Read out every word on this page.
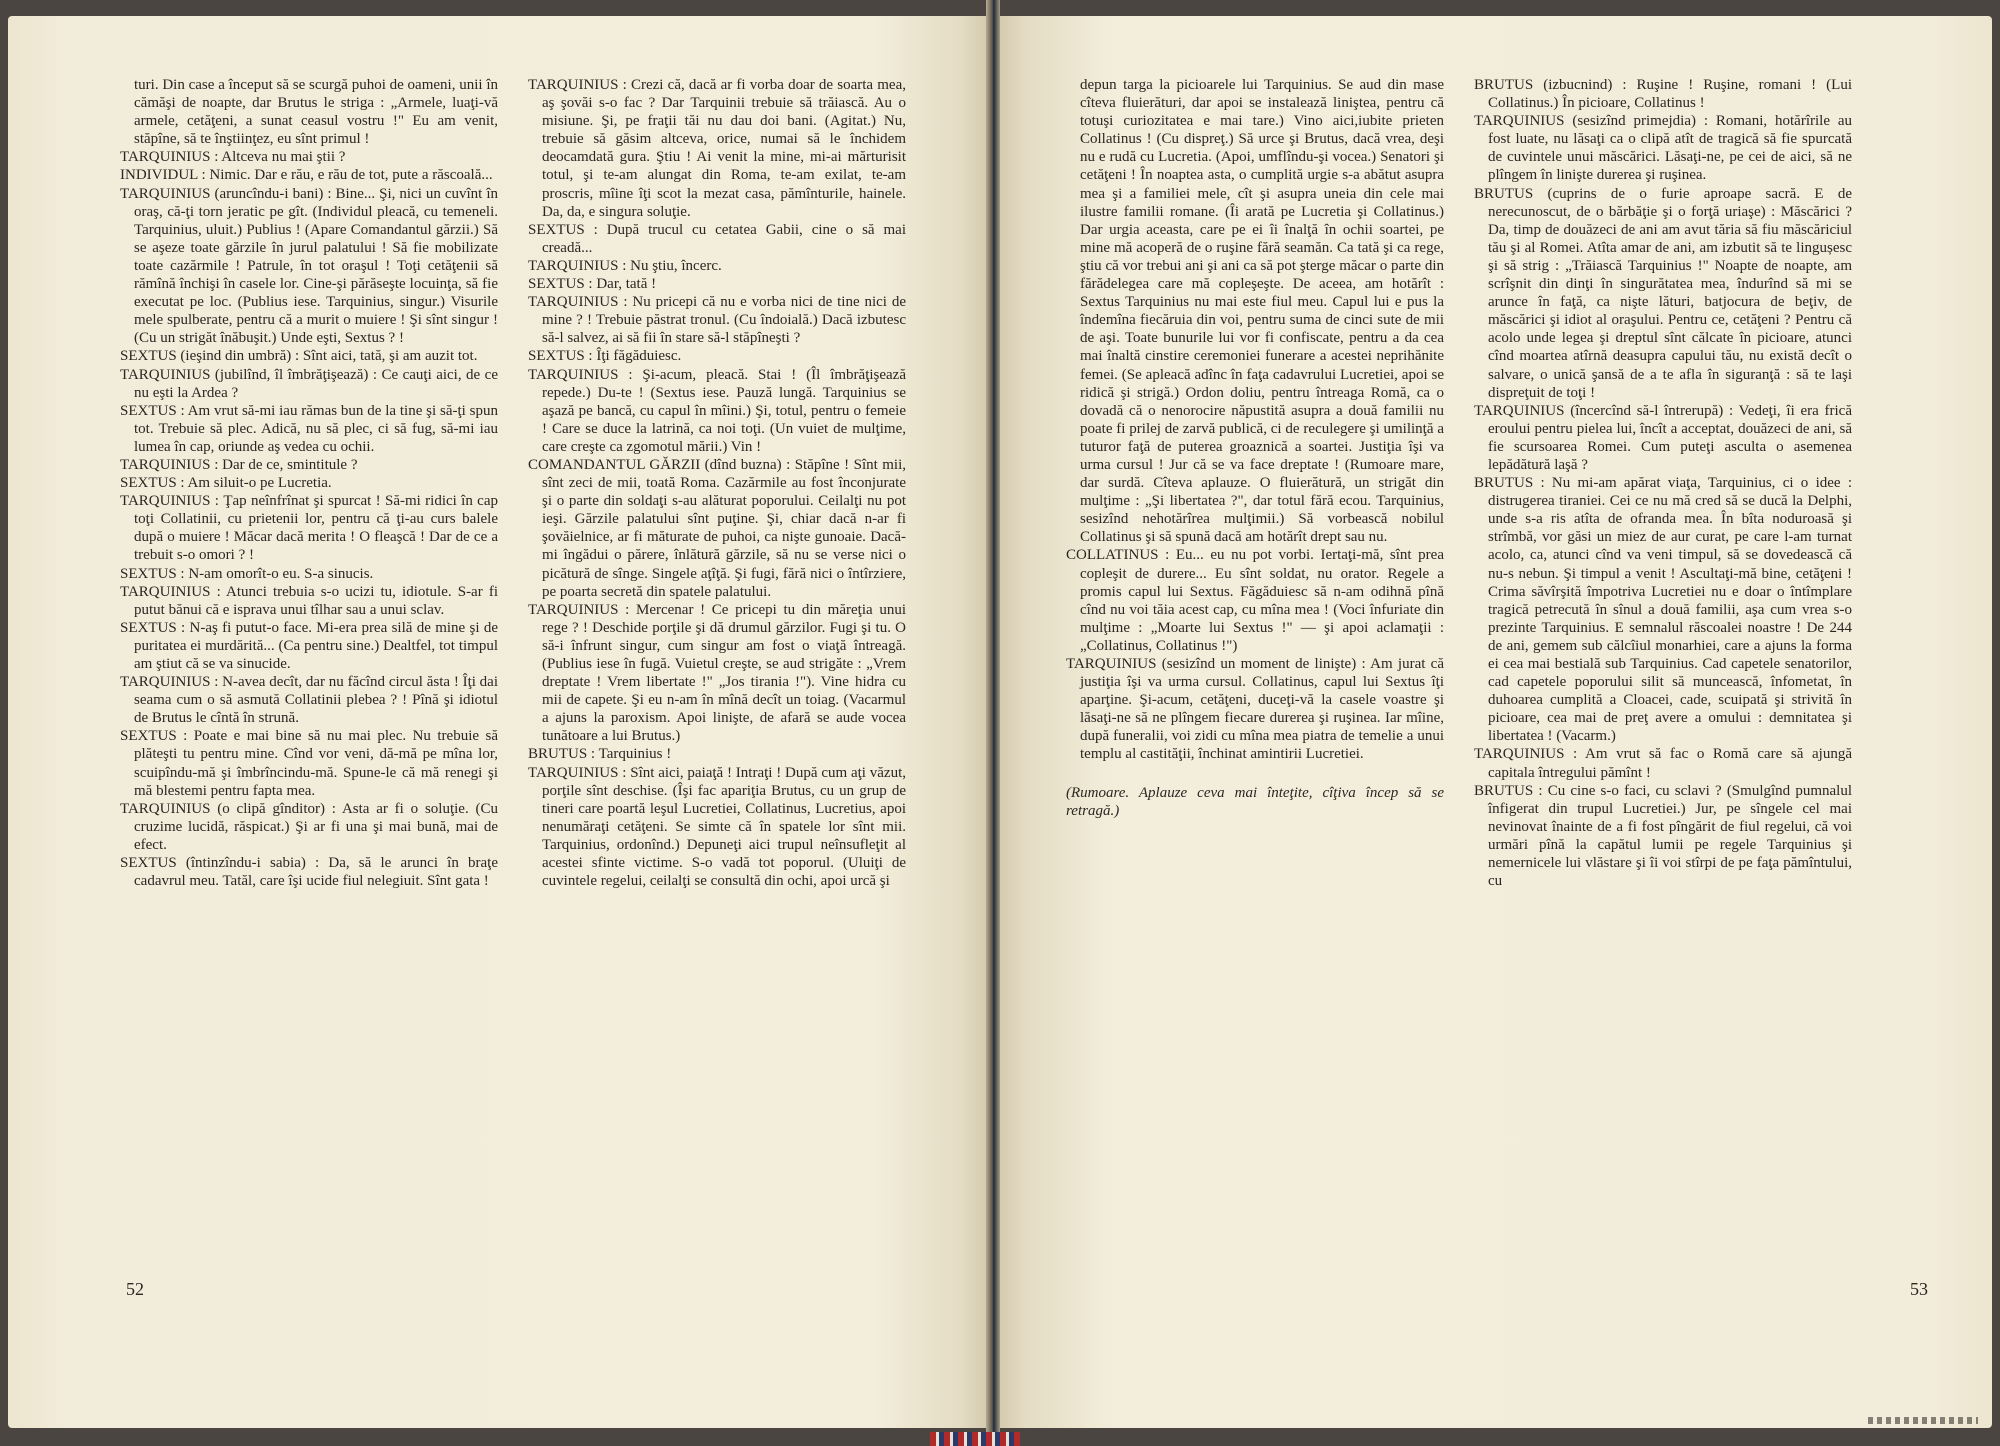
turi. Din case a început să se scurgă puhoi de oameni, unii în cămăşi de noapte, dar Brutus le striga : „Armele, luaţi-vă armele, cetăţeni, a sunat ceasul vostru !" Eu am venit, stăpîne, să te înştiinţez, eu sînt primul !

TARQUINIUS : Altceva nu mai ştii ?

INDIVIDUL : Nimic. Dar e rău, e rău de tot, pute a răscoală...

TARQUINIUS (aruncîndu-i bani) : Bine... Şi, nici un cuvînt în oraş, că-ţi torn jeratic pe gît. (Individul pleacă, cu temeneli. Tarquinius, uluit.) Publius ! (Apare Comandantul gărzii.) Să se aşeze toate gărzile în jurul palatului ! Să fie mobilizate toate cazărmile ! Patrule, în tot oraşul ! Toţi cetăţenii să rămînă închişi în casele lor. Cine-şi părăseşte locuinţa, să fie executat pe loc. (Publius iese. Tarquinius, singur.) Visurile mele spulberate, pentru că a murit o muiere ! Şi sînt singur ! (Cu un strigăt înăbuşit.) Unde eşti, Sextus ? !

SEXTUS (ieşind din umbră) : Sînt aici, tată, şi am auzit tot.

TARQUINIUS (jubilînd, îl îmbrăţişează) : Ce cauţi aici, de ce nu eşti la Ardea ?

SEXTUS : Am vrut să-mi iau rămas bun de la tine şi să-ţi spun tot. Trebuie să plec. Adică, nu să plec, ci să fug, să-mi iau lumea în cap, oriunde aş vedea cu ochii.

TARQUINIUS : Dar de ce, smintitule ?

SEXTUS : Am siluit-o pe Lucretia.

TARQUINIUS : Ţap neînfrînat şi spurcat ! Să-mi ridici în cap toţi Collatinii, cu prietenii lor, pentru că ţi-au curs balele după o muiere ! Măcar dacă merita ! O fleaşcă ! Dar de ce a trebuit s-o omori ? !

SEXTUS : N-am omorît-o eu. S-a sinucis.

TARQUINIUS : Atunci trebuia s-o ucizi tu, idiotule. S-ar fi putut bănui că e isprava unui tîlhar sau a unui sclav.

SEXTUS : N-aş fi putut-o face. Mi-era prea silă de mine şi de puritatea ei murdărită... (Ca pentru sine.) Dealtfel, tot timpul am ştiut că se va sinucide.

TARQUINIUS : N-avea decît, dar nu făcînd circul ăsta ! Îţi dai seama cum o să asmută Collatinii plebea ? ! Pînă şi idiotul de Brutus le cîntă în strună.

SEXTUS : Poate e mai bine să nu mai plec. Nu trebuie să plăteşti tu pentru mine. Cînd vor veni, dă-mă pe mîna lor, scuipîndu-mă şi îmbrîncindu-mă. Spune-le că mă renegi şi mă blestemi pentru fapta mea.

TARQUINIUS (o clipă gînditor) : Asta ar fi o soluţie. (Cu cruzime lucidă, răspicat.) Şi ar fi una şi mai bună, mai de efect.

SEXTUS (întinzîndu-i sabia) : Da, să le arunci în braţe cadavrul meu. Tatăl, care îşi ucide fiul nelegiuit. Sînt gata !

TARQUINIUS : Crezi că, dacă ar fi vorba doar de soarta mea, aş şovăi s-o fac ? Dar Tarquinii trebuie să trăiască. Au o misiune. Şi, pe fraţii tăi nu dau doi bani. (Agitat.) Nu, trebuie să găsim altceva, orice, numai să le închidem deocamdată gura. Ştiu ! Ai venit la mine, mi-ai mărturisit totul, şi te-am alungat din Roma, te-am exilat, te-am proscris, mîine îţi scot la mezat casa, pămînturile, hainele. Da, da, e singura soluţie.

SEXTUS : După trucul cu cetatea Gabii, cine o să mai creadă...

TARQUINIUS : Nu ştiu, încerc.

SEXTUS : Dar, tată !

TARQUINIUS : Nu pricepi că nu e vorba nici de tine nici de mine ? ! Trebuie păstrat tronul. (Cu îndoială.) Dacă izbutesc să-l salvez, ai să fii în stare să-l stăpîneşti ?

SEXTUS : Îţi făgăduiesc.

TARQUINIUS : Şi-acum, pleacă. Stai ! (Îl îmbrăţişează repede.) Du-te ! (Sextus iese. Pauză lungă. Tarquinius se aşază pe bancă, cu capul în mîini.) Şi, totul, pentru o femeie ! Care se duce la latrină, ca noi toţi. (Un vuiet de mulţime, care creşte ca zgomotul mării.) Vin !

COMANDANTUL GĂRZII (dînd buzna) : Stăpîne ! Sînt mii, sînt zeci de mii, toată Roma. Cazărmile au fost înconjurate şi o parte din soldaţi s-au alăturat poporului. Ceilalţi nu pot ieşi. Gărzile palatului sînt puţine. Şi, chiar dacă n-ar fi şovăielnice, ar fi măturate de puhoi, ca nişte gunoaie. Dacă-mi îngădui o părere, înlătură gărzile, să nu se verse nici o picătură de sînge. Singele aţîţă. Şi fugi, fără nici o întîrziere, pe poarta secretă din spatele palatului.

TARQUINIUS : Mercenar ! Ce pricepi tu din măreţia unui rege ? ! Deschide porţile şi dă drumul gărzilor. Fugi şi tu. O să-i înfrunt singur, cum singur am fost o viaţă întreagă. (Publius iese în fugă. Vuietul creşte, se aud strigăte : „Vrem dreptate ! Vrem libertate !" „Jos tirania !"). Vine hidra cu mii de capete. Şi eu n-am în mînă decît un toiag. (Vacarmul a ajuns la paroxism. Apoi linişte, de afară se aude vocea tunătoare a lui Brutus.)

BRUTUS : Tarquinius !

TARQUINIUS : Sînt aici, paiaţă ! Intraţi ! După cum aţi văzut, porţile sînt deschise. (Îşi fac apariţia Brutus, cu un grup de tineri care poartă leşul Lucretiei, Collatinus, Lucretius, apoi nenumăraţi cetăţeni. Se simte că în spatele lor sînt mii. Tarquinius, ordonînd.) Depuneţi aici trupul neînsufleţit al acestei sfinte victime. S-o vadă tot poporul. (Uluiţi de cuvintele regelui, ceilalţi se consultă din ochi, apoi urcă şi

52

depun targa la picioarele lui Tarquinius. Se aud din mase cîteva fluierături, dar apoi se instalează liniştea, pentru că totuşi curiozitatea e mai tare.) Vino aici,iubite prieten Collatinus ! (Cu dispreţ.) Să urce şi Brutus, dacă vrea, deşi nu e rudă cu Lucretia. (Apoi, umflîndu-şi vocea.) Senatori şi cetăţeni ! În noaptea asta, o cumplită urgie s-a abătut asupra mea şi a familiei mele, cît şi asupra uneia din cele mai ilustre familii romane. (Îi arată pe Lucretia şi Collatinus.) Dar urgia aceasta, care pe ei îi înalţă în ochii soartei, pe mine mă acoperă de o ruşine fără seamăn. Ca tată şi ca rege, ştiu că vor trebui ani şi ani ca să pot şterge măcar o parte din fărădelegea care mă copleşeşte. De aceea, am hotărît : Sextus Tarquinius nu mai este fiul meu. Capul lui e pus la îndemîna fiecăruia din voi, pentru suma de cinci sute de mii de aşi. Toate bunurile lui vor fi confiscate, pentru a da cea mai înaltă cinstire ceremoniei funerare a acestei neprihănite femei. (Se apleacă adînc în faţa cadavrului Lucretiei, apoi se ridică şi strigă.) Ordon doliu, pentru întreaga Romă, ca o dovadă că o nenorocire năpustită asupra a două familii nu poate fi prilej de zarvă publică, ci de reculegere şi umilinţă a tuturor faţă de puterea groaznică a soartei. Justiţia îşi va urma cursul ! Jur că se va face dreptate ! (Rumoare mare, dar surdă. Cîteva aplauze. O fluierătură, un strigăt din mulţime : „Şi libertatea ?", dar totul fără ecou. Tarquinius, sesizînd nehotărîrea mulţimii.) Să vorbească nobilul Collatinus şi să spună dacă am hotărît drept sau nu.

COLLATINUS : Eu... eu nu pot vorbi. Iertaţi-mă, sînt prea copleşit de durere... Eu sînt soldat, nu orator. Regele a promis capul lui Sextus. Făgăduiesc să n-am odihnă pînă cînd nu voi tăia acest cap, cu mîna mea ! (Voci înfuriate din mulţime : „Moarte lui Sextus !" — şi apoi aclamaţii : „Collatinus, Collatinus !")

TARQUINIUS (sesizînd un moment de linişte) : Am jurat că justiţia îşi va urma cursul. Collatinus, capul lui Sextus îţi aparţine. Şi-acum, cetăţeni, duceţi-vă la casele voastre şi lăsaţi-ne să ne plîngem fiecare durerea şi ruşinea. Iar mîine, după funeralii, voi zidi cu mîna mea piatra de temelie a unui templu al castităţii, închinat amintirii Lucretiei.

(Rumoare. Aplauze ceva mai înteţite, cîţiva încep să se retragă.)

BRUTUS (izbucnind) : Ruşine ! Ruşine, romani ! (Lui Collatinus.) În picioare, Collatinus !

TARQUINIUS (sesizînd primejdia) : Romani, hotărîrile au fost luate, nu lăsaţi ca o clipă atît de tragică să fie spurcată de cuvintele unui măscărici. Lăsaţi-ne, pe cei de aici, să ne plîngem în linişte durerea şi ruşinea.

BRUTUS (cuprins de o furie aproape sacră. E de nerecunoscut, de o bărbăţie şi o forţă uriaşe) : Măscărici ? Da, timp de douăzeci de ani am avut tăria să fiu măscăriciul tău şi al Romei. Atîta amar de ani, am izbutit să te lingușesc şi să strig : „Trăiască Tarquinius !" Noapte de noapte, am scrîşnit din dinţi în singurătatea mea, îndurînd să mi se arunce în faţă, ca nişte lături, batjocura de beţiv, de măscărici şi idiot al oraşului. Pentru ce, cetăţeni ? Pentru că acolo unde legea şi dreptul sînt călcate în picioare, atunci cînd moartea atîrnă deasupra capului tău, nu există decît o salvare, o unică şansă de a te afla în siguranţă : să te laşi dispreţuit de toţi !

TARQUINIUS (încercînd să-l întrerupă) : Vedeţi, îi era frică eroului pentru pielea lui, încît a acceptat, douăzeci de ani, să fie scursoarea Romei. Cum puteţi asculta o asemenea lepădătură laşă ?

BRUTUS : Nu mi-am apărat viaţa, Tarquinius, ci o idee : distrugerea tiraniei. Cei ce nu mă cred să se ducă la Delphi, unde s-a ris atîta de ofranda mea. În bîta noduroasă şi strîmbă, vor găsi un miez de aur curat, pe care l-am turnat acolo, ca, atunci cînd va veni timpul, să se dovedească că nu-s nebun. Şi timpul a venit ! Ascultaţi-mă bine, cetăţeni ! Crima săvîrşită împotriva Lucretiei nu e doar o întîmplare tragică petrecută în sînul a două familii, aşa cum vrea s-o prezinte Tarquinius. E semnalul răscoalei noastre ! De 244 de ani, gemem sub călcîiul monarhiei, care a ajuns la forma ei cea mai bestială sub Tarquinius. Cad capetele senatorilor, cad capetele poporului silit să muncească, înfometat, în duhoarea cumplită a Cloacei, cade, scuipată şi strivită în picioare, cea mai de preţ avere a omului : demnitatea şi libertatea ! (Vacarm.)

TARQUINIUS : Am vrut să fac o Romă care să ajungă capitala întregului pămînt !

BRUTUS : Cu cine s-o faci, cu sclavi ? (Smulgînd pumnalul înfigerat din trupul Lucretiei.) Jur, pe sîngele cel mai nevinovat înainte de a fi fost pîngărit de fiul regelui, că voi urmări pînă la capătul lumii pe regele Tarquinius şi nemernicele lui vlăstare şi îi voi stîrpi de pe faţa pămîntului, cu

53
